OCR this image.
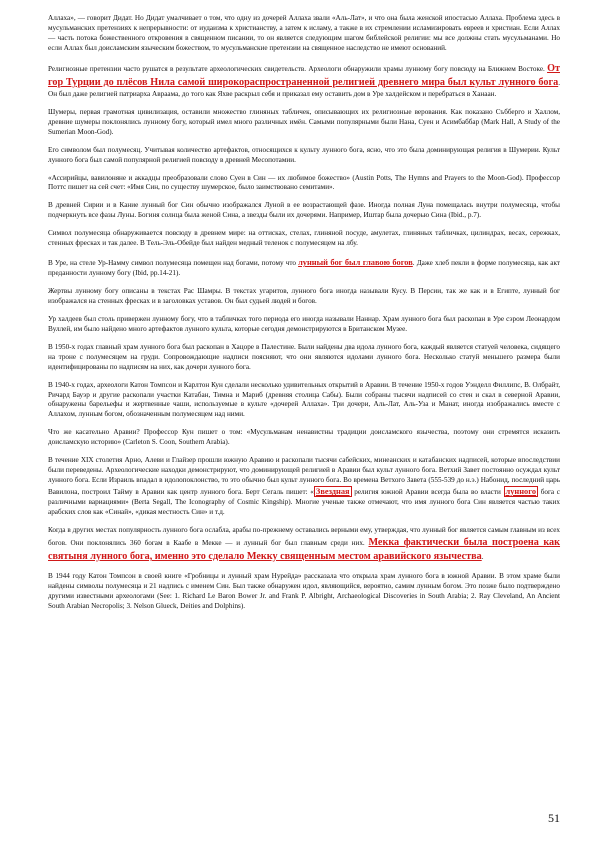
Аллаха», — говорит Дидат. Но Дидат умалчивает о том, что одну из дочерей Аллаха звали «Аль-Лат», и что она была женской ипостасью Аллаха. Проблема здесь в мусульманских претензиях к непрерывности: от иудаизма к христианству, а затем к исламу, а также в их стремлении исламизировать евреев и христиан. Если Аллах — часть потока божественного откровения в священном писании, то он является следующим шагом библейской религии: мы все должны стать мусульманами. Но если Аллах был доисламским языческим божеством, то мусульманские претензии на священное наследство не имеют оснований.

Религиозные претензии часто рушатся в результате археологических свидетельств. Археологи обнаружили храмы лунному богу повсюду на Ближнем Востоке. От гор Турции до плёсов Нила самой широкораспространенной религией древнего мира был культ лунного бога. Он был даже религией патриарха Авраама, до того как Яхве раскрыл себя и приказал ему оставить дом в Уре халдейском и перебраться в Ханаан.

Шумеры, первая грамотная цивилизация, оставили множество глиняных табличек, описывающих их религиозные верования. Как показано Събберго и Халлом, древние шумеры поклонялись лунному богу, который имел много различных имён. Самыми популярными были Нана, Суен и Асимбаббар (Mark Hall, A Study of the Sumerian Moon-God).

Его символом был полумесяц. Учитывая количество артефактов, относящихся к культу лунного бога, ясно, что это была доминирующая религия в Шумерии. Культ лунного бога был самой популярной религией повсюду в древней Месопотамии.

«Ассирийцы, вавилоняне и аккадцы преобразовали слово Суен в Син — их любимое божество» (Austin Potts, The Hymns and Prayers to the Moon-God). Профессор Поттс пишет на сей счет: «Имя Син, по существу шумерское, было заимствовано семитами».

В древней Сирии и в Кание лунный бог Син обычно изображался Луной в ее возрастающей фазе. Иногда полная Луна помещалась внутри полумесяца, чтобы подчеркнуть все фазы Луны. Богиня солнца была женой Сина, а звезды были их дочерями. Например, Иштар была дочерью Сина (Ibid., p.7).

Символ полумесяца обнаруживается повсюду в древнем мире: на оттисках, стелах, глиняной посуде, амулетах, глиняных табличках, цилиндрах, весах, сережках, стенных фресках и так далее. В Тель-Эль-Обейде был найден медный теленок с полумесяцем на лбу.

В Уре, на стеле Ур-Намму символ полумесяца помещен над богами, потому что лунный бог был главою богов. Даже хлеб пекли в форме полумесяца, как акт преданности лунному богу (Ibid, pp.14-21).

Жертвы лунному богу описаны в текстах Рас Шамры. В текстах угаритов, лунного бога иногда называли Кусу. В Персии, так же как и в Египте, лунный бог изображался на стенных фресках и в заголовках уставов. Он был судьей людей и богов.

Ур халдеев был столь привержен лунному богу, что в табличках того периода его иногда называли Наннар. Храм лунного бога был раскопан в Уре сэром Леонардом Вуллей, им было найдено много артефактов лунного культа, которые сегодня демонстрируются в Британском Музее.

В 1950-х годах главный храм лунного бога был раскопан в Хацоре в Палестине. Были найдены два идола лунного бога, каждый является статуей человека, сидящего на троне с полумесяцем на груди. Сопровождающие надписи поясняют, что они являются идолами лунного бога. Несколько статуй меньшего размера были идентифицированы по надписям на них, как дочери лунного бога.

В 1940-х годах, археологи Катон Томпсон и Карлтон Кун сделали несколько удивительных открытий в Аравии. В течение 1950-х годов Уэнделл Филлипс, В. Олбрайт, Ричард Бауэр и другие раскопали участки Катабан, Тимна и Мариб (древняя столица Сабы). Были собраны тысячи надписей со стен и скал в северной Аравии, обнаружены барельефы и жертвенные чаши, используемые в культе «дочерей Аллаха». Три дочери, Аль-Лат, Аль-Уза и Манат, иногда изображались вместе с Аллахом, лунным богом, обозначенным полумесяцем над ними.

Что же касательно Аравии? Профессор Кун пишет о том: «Мусульманам ненавистны традиции доисламского язычества, поэтому они стремятся исказить доисламскую историю» (Carleton S. Coon, Southern Arabia).

В течение XIX столетия Арно, Алеви и Глайзер прошли южную Аравию и раскопали тысячи сабейских, минеанских и катабанских надписей, которые впоследствии были переведены. Археологические находки демонстрируют, что доминирующей религией в Аравии был культ лунного бога. Ветхий Завет постоянно осуждал культ лунного бога. Если Израиль впадал в идолопоклонство, то это обычно был культ лунного бога. Во времена Ветхого Завета (555-539 до н.э.) Набонид, последний царь Вавилона, построил Тайму в Аравии как центр лунного бога. Берт Сегаль пишет: « Звездная религия южной Аравии всегда была во власти лунного бога с различными вариациями» (Berta Segall, The Iconography of Cosmic Kingship). Многие ученые также отмечают, что имя лунного бога Син является частью таких арабских слов как «Синай», «дикая местность Син» и т.д.

Когда в других местах популярность лунного бога ослабла, арабы по-прежнему оставались верными ему, утверждая, что лунный бог является самым главным из всех богов. Они поклонялись 360 богам в Каабе в Мекке — и лунный бог был главным среди них. Мекка фактически была построена как святыня лунного бога, именно это сделало Мекку священным местом аравийского язычества.

В 1944 году Катон Томпсон в своей книге «Гробницы и лунный храм Нурейда» рассказала что открыла храм лунного бога в южной Аравии. В этом храме были найдены символы полумесяца и 21 надпись с именем Син. Был также обнаружен идол, являющийся, вероятно, самим лунным богом. Это позже было подтверждено другими известными археологами (See: 1. Richard Le Baron Bower Jr. and Frank P. Albright, Archaeological Discoveries in South Arabia; 2. Ray Cleveland, An Ancient South Arabian Necropolis; 3. Nelson Glueck, Deities and Dolphins).

51
